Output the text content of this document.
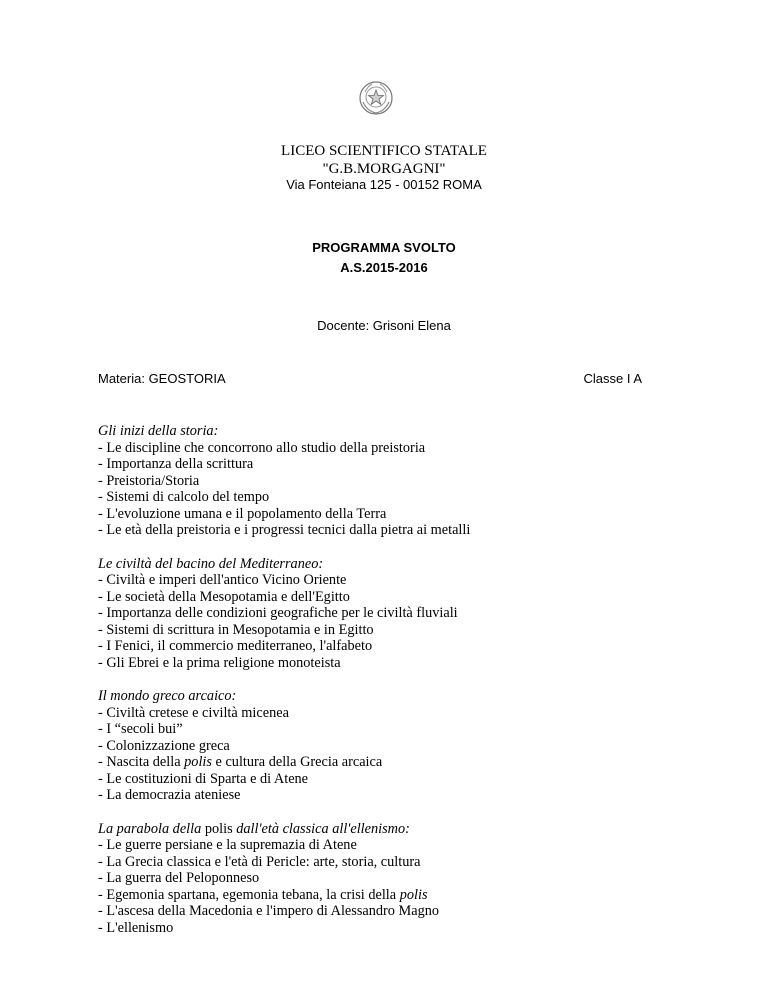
LICEO SCIENTIFICO STATALE
"G.B.MORGAGNI"
Via Fonteiana 125 - 00152 ROMA
PROGRAMMA SVOLTO
A.S.2015-2016
Docente: Grisoni Elena
Materia: GEOSTORIA	Classe I A
Gli inizi della storia:
- Le discipline che concorrono allo studio della preistoria
- Importanza della scrittura
- Preistoria/Storia
- Sistemi di calcolo del tempo
- L'evoluzione umana e il popolamento della Terra
- Le età della preistoria e i progressi tecnici dalla pietra ai metalli
Le civiltà del bacino del Mediterraneo:
- Civiltà e imperi dell'antico Vicino Oriente
- Le società della Mesopotamia e dell'Egitto
- Importanza delle condizioni geografiche per le civiltà fluviali
- Sistemi di scrittura in Mesopotamia e in Egitto
- I Fenici, il commercio mediterraneo, l'alfabeto
- Gli Ebrei e la prima religione monoteista
Il mondo greco arcaico:
- Civiltà cretese e civiltà micenea
- I “secoli bui”
- Colonizzazione greca
- Nascita della polis e cultura della Grecia arcaica
- Le costituzioni di Sparta e di Atene
- La democrazia ateniese
La parabola della polis dall'età classica all'ellenismo:
- Le guerre persiane e la supremazia di Atene
- La Grecia classica e l'età di Pericle: arte, storia, cultura
- La guerra del Peloponneso
- Egemonia spartana, egemonia tebana, la crisi della polis
- L'ascesa della Macedonia e l'impero di Alessandro Magno
- L'ellenismo
